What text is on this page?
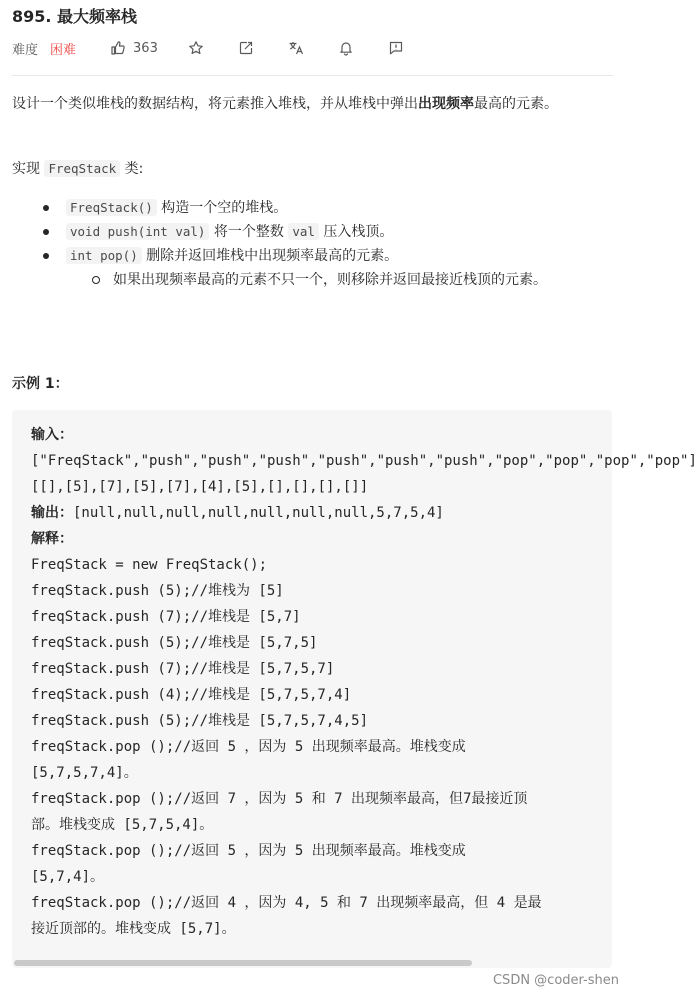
895. 最大频率栈
难度 困难	363
设计一个类似堆栈的数据结构，将元素推入堆栈，并从堆栈中弹出出现频率最高的元素。
实现 FreqStack 类:
FreqStack() 构造一个空的堆栈。
void push(int val) 将一个整数 val 压入栈顶。
int pop() 删除并返回堆栈中出现频率最高的元素。
如果出现频率最高的元素不只一个，则移除并返回最接近栈顶的元素。
示例 1：
输入：
["FreqStack","push","push","push","push","push","push","pop","pop","pop","pop"]
[[],[5],[7],[5],[7],[4],[5],[],[],[],[]]
输出：[null,null,null,null,null,null,null,5,7,5,4]
解释：
FreqStack = new FreqStack();
freqStack.push (5);//堆栈为 [5]
freqStack.push (7);//堆栈是 [5,7]
freqStack.push (5);//堆栈是 [5,7,5]
freqStack.push (7);//堆栈是 [5,7,5,7]
freqStack.push (4);//堆栈是 [5,7,5,7,4]
freqStack.push (5);//堆栈是 [5,7,5,7,4,5]
freqStack.pop ();//返回 5 ，因为 5 出现频率最高。堆栈变成
[5,7,5,7,4]。
freqStack.pop ();//返回 7 ，因为 5 和 7 出现频率最高，但7最接近顶
部。堆栈变成 [5,7,5,4]。
freqStack.pop ();//返回 5 ，因为 5 出现频率最高。堆栈变成
[5,7,4]。
freqStack.pop ();//返回 4 ，因为 4, 5 和 7 出现频率最高，但 4 是最
接近顶部的。堆栈变成 [5,7]。
CSDN @coder-shen
